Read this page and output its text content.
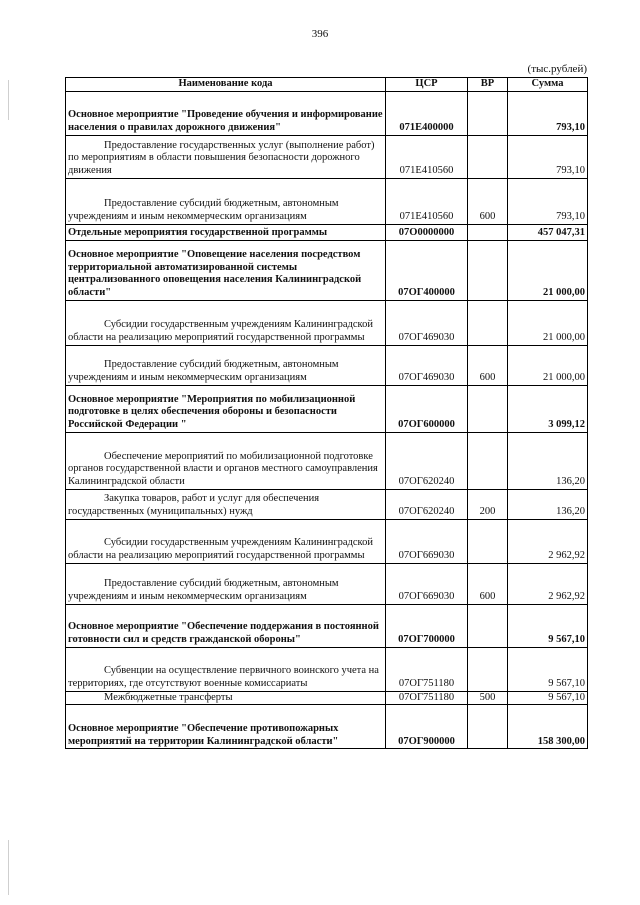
396
(тыс.рублей)
Наименование кода	ЦСР	ВР	Сумма
Основное мероприятие "Проведение обучения и информирование населения о правилах дорожного движения"	071Е400000		793,10
Предоставление государственных услуг (выполнение работ) по мероприятиям в области повышения безопасности дорожного движения	071Е410560		793,10
Предоставление субсидий бюджетным, автономным учреждениям и иным некоммерческим организациям	071Е410560	600	793,10
Отдельные мероприятия государственной программы	07О0000000		457 047,31
Основное мероприятие "Оповещение населения посредством территориальной автоматизированной системы централизованного оповещения населения Калининградской области"	07ОГ400000		21 000,00
Субсидии государственным учреждениям Калининградской области на реализацию мероприятий государственной программы	07ОГ469030		21 000,00
Предоставление субсидий бюджетным, автономным учреждениям и иным некоммерческим организациям	07ОГ469030	600	21 000,00
Основное мероприятие "Мероприятия по мобилизационной подготовке в целях обеспечения обороны и безопасности Российской Федерации "	07ОГ600000		3 099,12
Обеспечение мероприятий по мобилизационной подготовке органов государственной власти и органов местного самоуправления Калининградской области	07ОГ620240		136,20
Закупка товаров, работ и услуг для обеспечения государственных (муниципальных) нужд	07ОГ620240	200	136,20
Субсидии государственным учреждениям Калининградской области на реализацию мероприятий государственной программы	07ОГ669030		2 962,92
Предоставление субсидий бюджетным, автономным учреждениям и иным некоммерческим организациям	07ОГ669030	600	2 962,92
Основное мероприятие "Обеспечение поддержания в постоянной готовности сил и средств гражданской обороны"	07ОГ700000		9 567,10
Субвенции на осуществление первичного воинского учета на территориях, где отсутствуют военные комиссариаты	07ОГ751180		9 567,10
Межбюджетные трансферты	07ОГ751180	500	9 567,10
Основное мероприятие "Обеспечение противопожарных мероприятий на территории Калининградской области"	07ОГ900000		158 300,00
